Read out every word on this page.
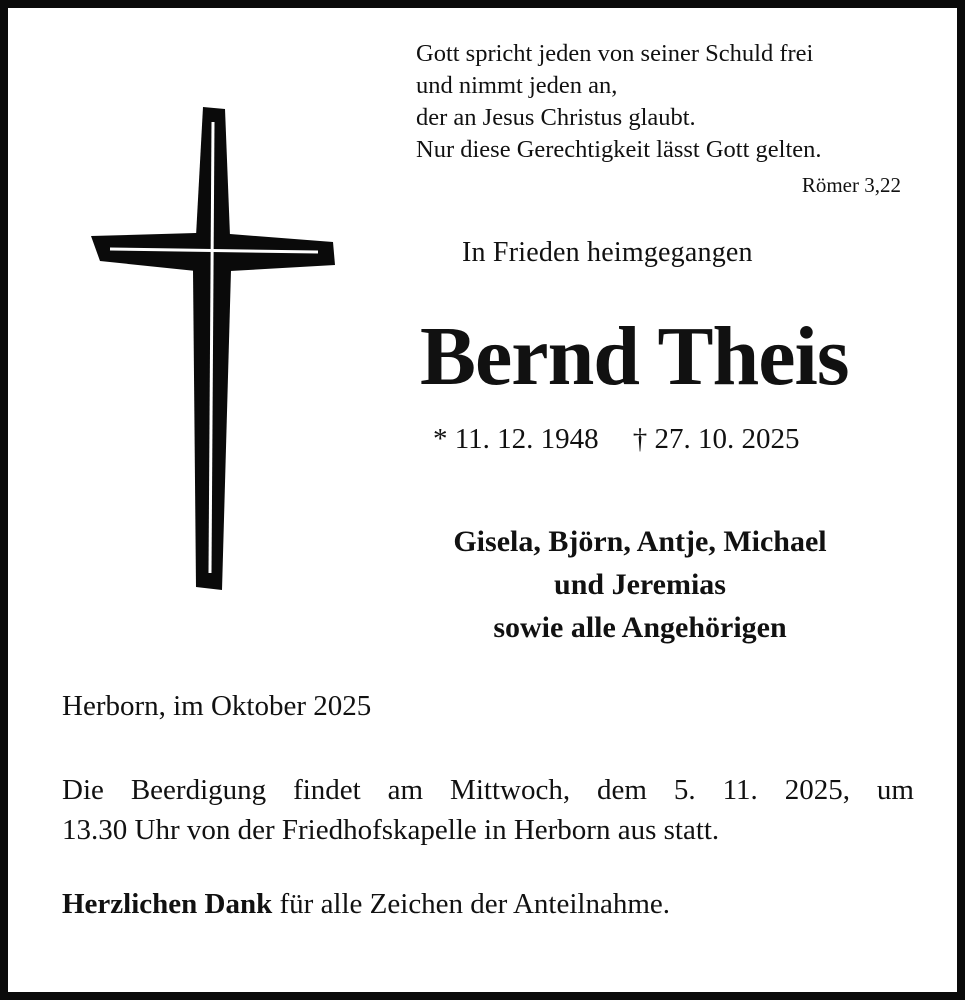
Gott spricht jeden von seiner Schuld frei
und nimmt jeden an,
der an Jesus Christus glaubt.
Nur diese Gerechtigkeit lässt Gott gelten.
Römer 3,22
In Frieden heimgegangen
Bernd Theis
* 11. 12. 1948 † 27. 10. 2025
Gisela, Björn, Antje, Michael
und Jeremias
sowie alle Angehörigen
Herborn, im Oktober 2025
Die Beerdigung findet am Mittwoch, dem 5. 11. 2025, um
13.30 Uhr von der Friedhofskapelle in Herborn aus statt.
Herzlichen Dank für alle Zeichen der Anteilnahme.
